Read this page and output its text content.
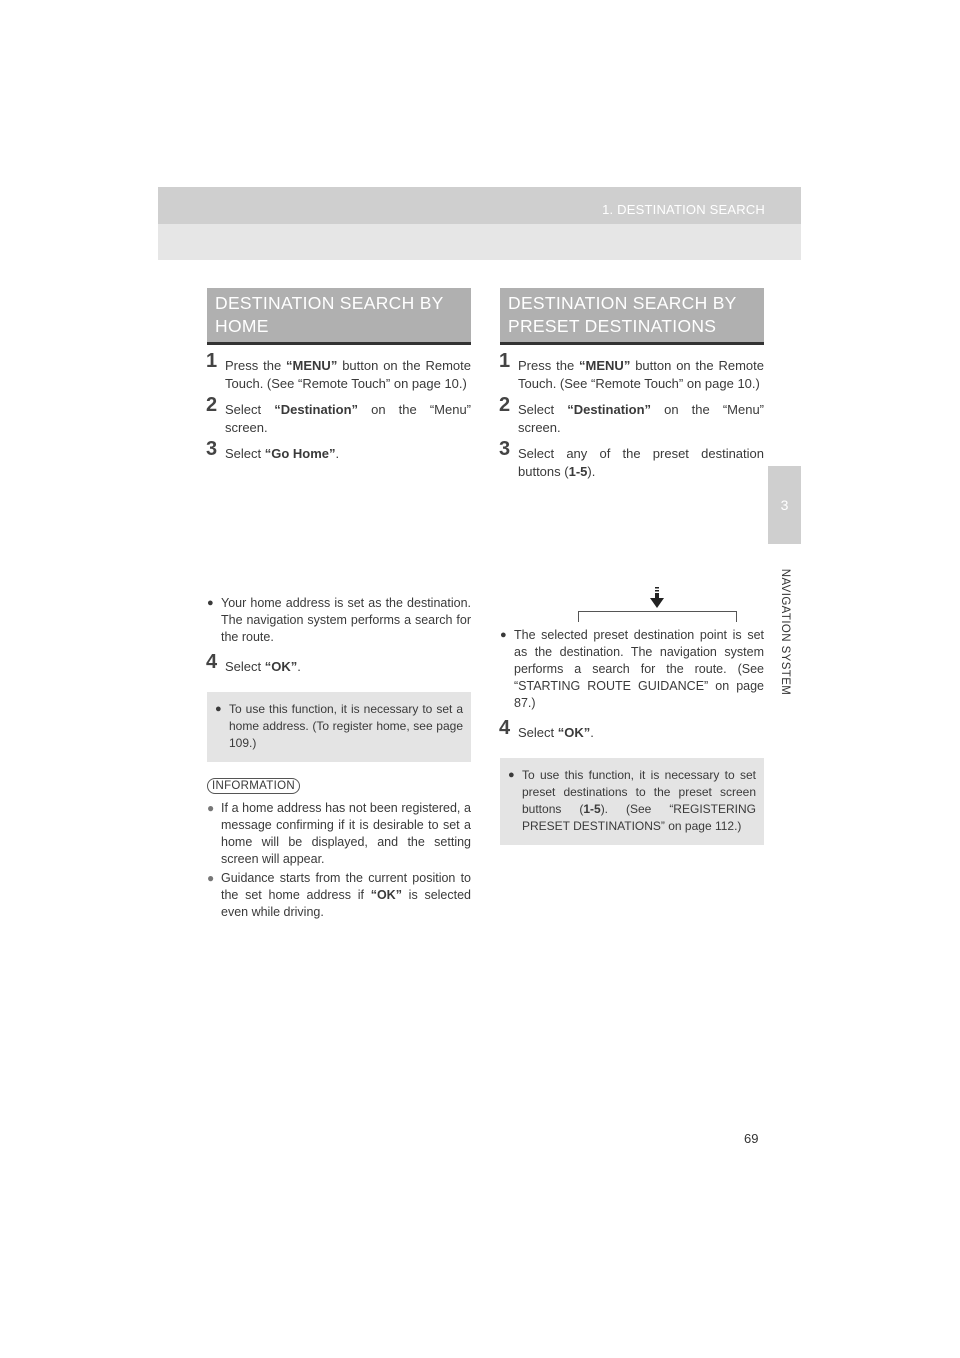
1. DESTINATION SEARCH
3
NAVIGATION SYSTEM
DESTINATION SEARCH BY
HOME
1 Press the “MENU” button on the Remote Touch. (See “Remote Touch” on page 10.)
2 Select “Destination” on the “Menu” screen.
3 Select “Go Home”.
● Your home address is set as the destination. The navigation system performs a search for the route.
4 Select “OK”.
● To use this function, it is necessary to set a home address. (To register home, see page 109.)
INFORMATION
● If a home address has not been registered, a message confirming if it is desirable to set a home will be displayed, and the setting screen will appear.
● Guidance starts from the current position to the set home address if “OK” is selected even while driving.
DESTINATION SEARCH BY
PRESET DESTINATIONS
1 Press the “MENU” button on the Remote Touch. (See “Remote Touch” on page 10.)
2 Select “Destination” on the “Menu” screen.
3 Select any of the preset destination buttons (1-5).
● The selected preset destination point is set as the destination. The navigation system performs a search for the route. (See “STARTING ROUTE GUIDANCE” on page 87.)
4 Select “OK”.
● To use this function, it is necessary to set preset destinations to the preset screen buttons (1-5). (See “REGISTERING PRESET DESTINATIONS” on page 112.)
69
